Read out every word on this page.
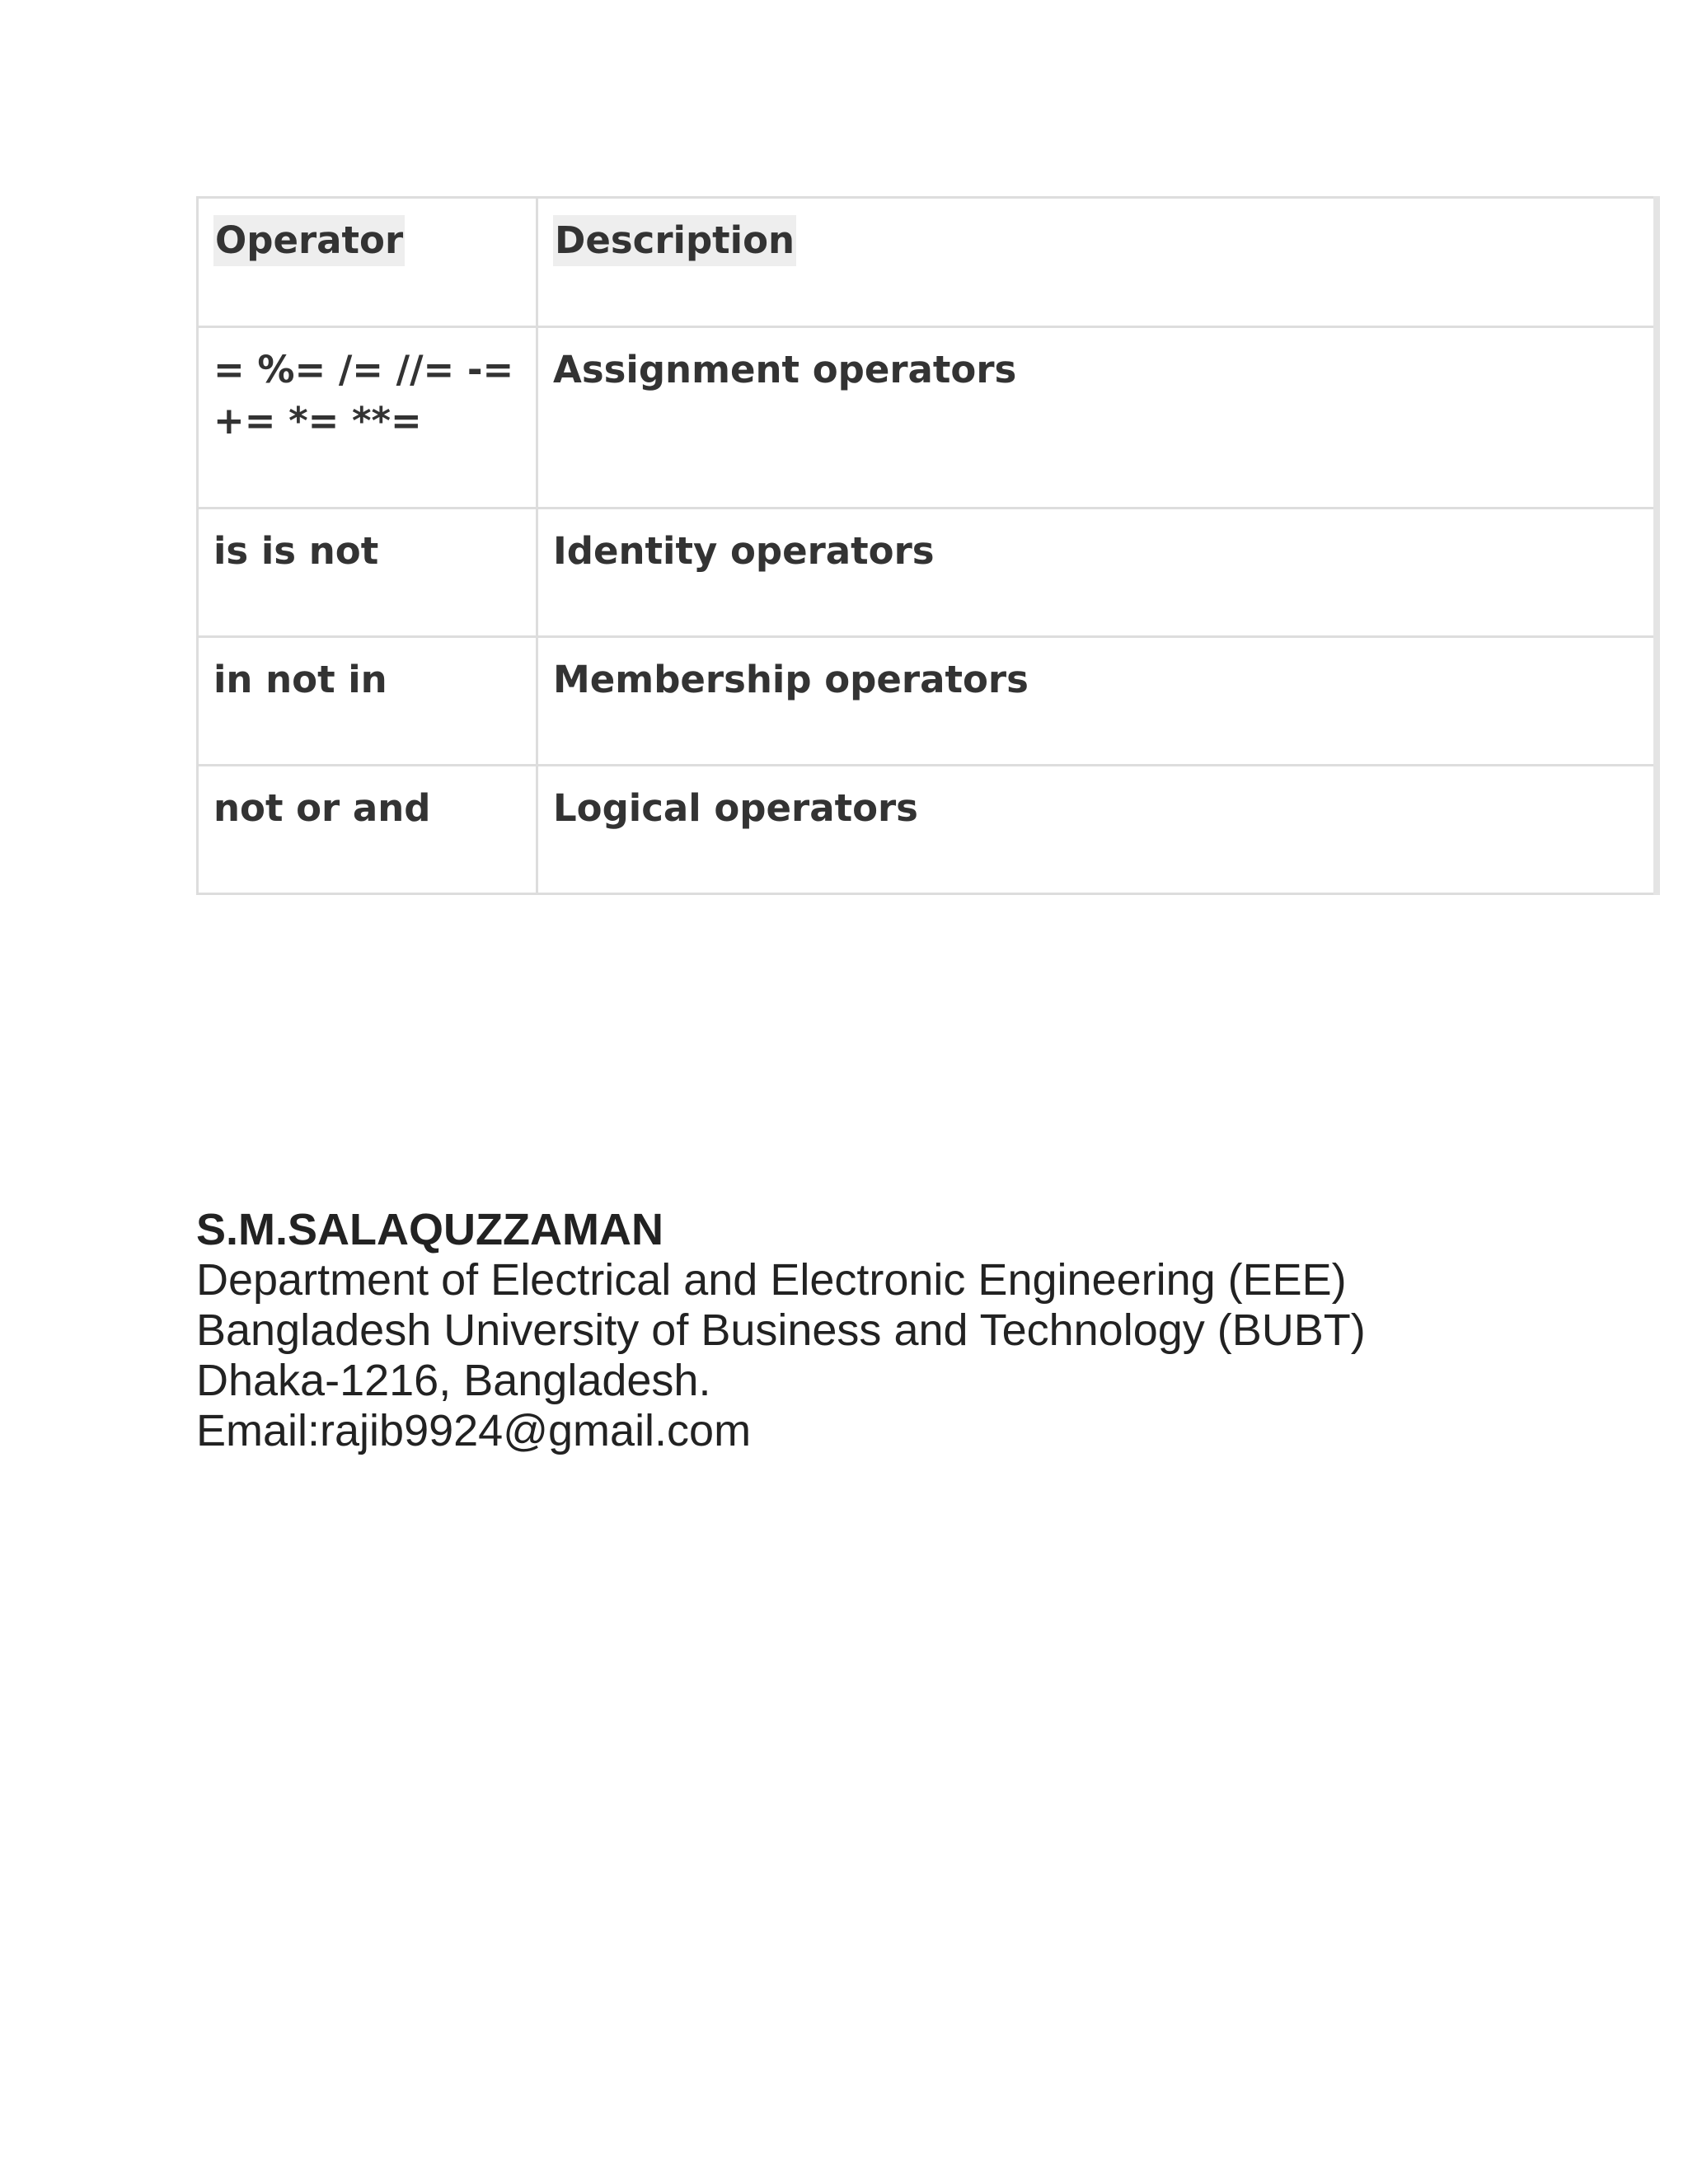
Operator	Description
= %= /= //= -= += *= **=	Assignment operators
is is not	Identity operators
in not in	Membership operators
not or and	Logical operators

S.M.SALAQUZZAMAN

Department of Electrical and Electronic Engineering (EEE)

Bangladesh University of Business and Technology (BUBT)

Dhaka-1216, Bangladesh.

Email:rajib9924@gmail.com
